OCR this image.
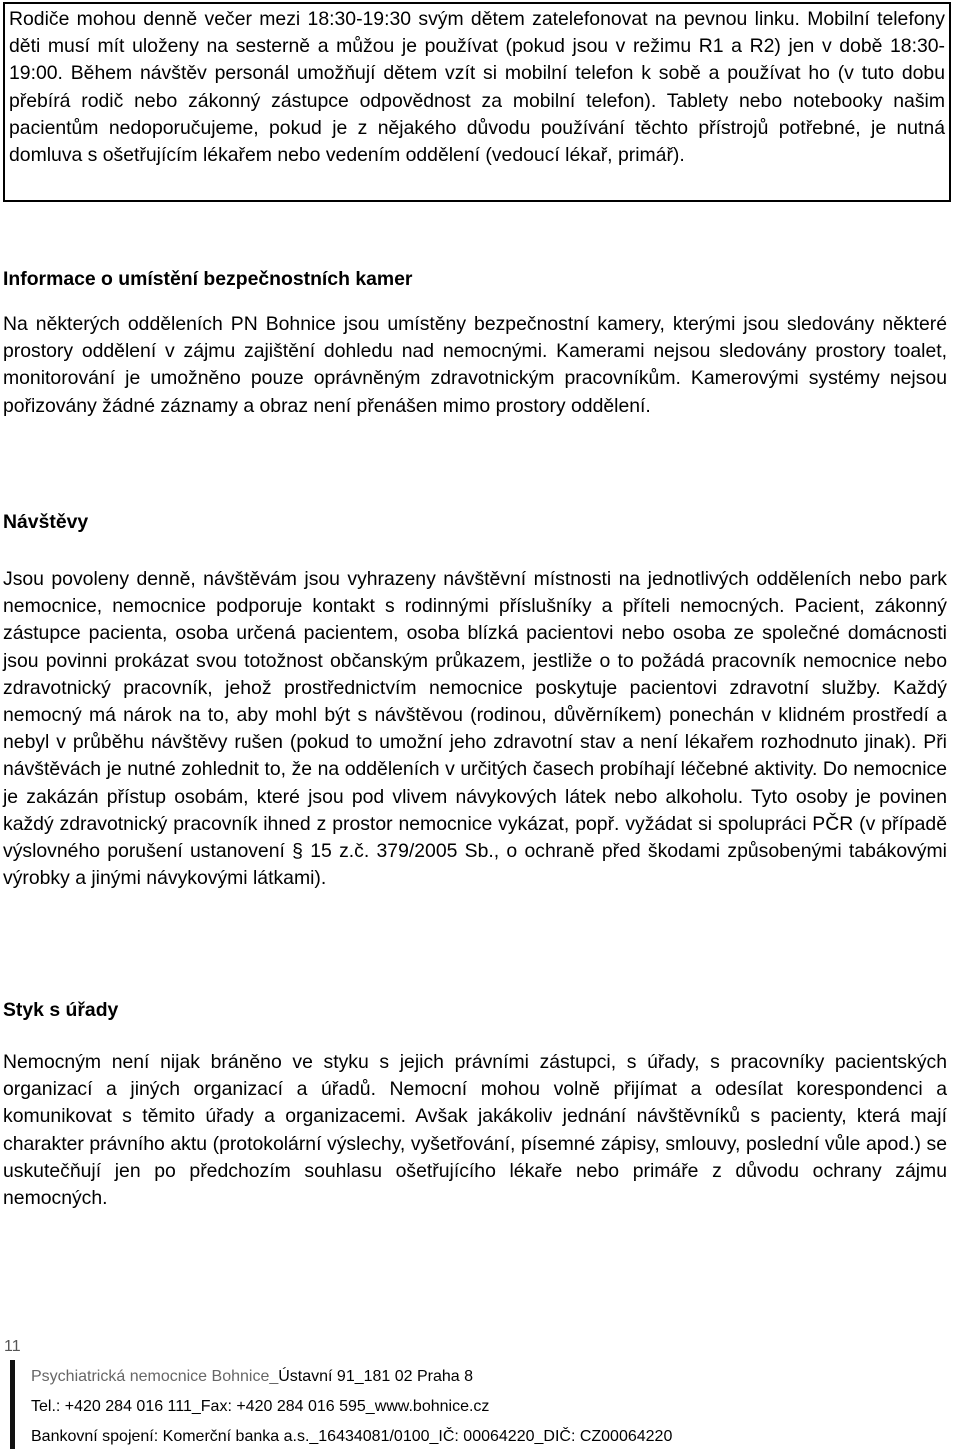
Rodiče mohou denně večer mezi 18:30-19:30 svým dětem zatelefonovat na pevnou linku. Mobilní telefony děti musí mít uloženy na sesterně a můžou je používat (pokud jsou v režimu R1 a R2) jen v době 18:30-19:00. Během návštěv personál umožňují dětem vzít si mobilní telefon k sobě a používat ho (v tuto dobu přebírá rodič nebo zákonný zástupce odpovědnost za mobilní telefon). Tablety nebo notebooky našim pacientům nedoporučujeme, pokud je z nějakého důvodu používání těchto přístrojů potřebné, je nutná domluva s ošetřujícím lékařem nebo vedením oddělení (vedoucí lékař, primář).

Informace o umístění bezpečnostních kamer

Na některých odděleních PN Bohnice jsou umístěny bezpečnostní kamery, kterými jsou sledovány některé prostory oddělení v zájmu zajištění dohledu nad nemocnými. Kamerami nejsou sledovány prostory toalet, monitorování je umožněno pouze oprávněným zdravotnickým pracovníkům. Kamerovými systémy nejsou pořizovány žádné záznamy a obraz není přenášen mimo prostory oddělení.

Návštěvy

Jsou povoleny denně, návštěvám jsou vyhrazeny návštěvní místnosti na jednotlivých odděleních nebo park nemocnice, nemocnice podporuje kontakt s rodinnými příslušníky a příteli nemocných. Pacient, zákonný zástupce pacienta, osoba určená pacientem, osoba blízká pacientovi nebo osoba ze společné domácnosti jsou povinni prokázat svou totožnost občanským průkazem, jestliže o to požádá pracovník nemocnice nebo zdravotnický pracovník, jehož prostřednictvím nemocnice poskytuje pacientovi zdravotní služby. Každý nemocný má nárok na to, aby mohl být s návštěvou (rodinou, důvěrníkem) ponechán v klidném prostředí a nebyl v průběhu návštěvy rušen (pokud to umožní jeho zdravotní stav a není lékařem rozhodnuto jinak). Při návštěvách je nutné zohlednit to, že na odděleních v určitých časech probíhají léčebné aktivity. Do nemocnice je zakázán přístup osobám, které jsou pod vlivem návykových látek nebo alkoholu. Tyto osoby je povinen každý zdravotnický pracovník ihned z prostor nemocnice vykázat, popř. vyžádat si spolupráci PČR (v případě výslovného porušení ustanovení § 15 z.č. 379/2005 Sb., o ochraně před škodami způsobenými tabákovými výrobky a jinými návykovými látkami).

Styk s úřady

Nemocným není nijak bráněno ve styku s jejich právními zástupci, s úřady, s pracovníky pacientských organizací a jiných organizací a úřadů. Nemocní mohou volně přijímat a odesílat korespondenci a komunikovat s těmito úřady a organizacemi. Avšak jakákoliv jednání návštěvníků s pacienty, která mají charakter právního aktu (protokolární výslechy, vyšetřování, písemné zápisy, smlouvy, poslední vůle apod.) se uskutečňují jen po předchozím souhlasu ošetřujícího lékaře nebo primáře z důvodu ochrany zájmu nemocných.

11
Psychiatrická nemocnice Bohnice_Ústavní 91_181 02 Praha 8
Tel.: +420 284 016 111_Fax: +420 284 016 595_www.bohnice.cz
Bankovní spojení: Komerční banka a.s._16434081/0100_IČ: 00064220_DIČ: CZ00064220
